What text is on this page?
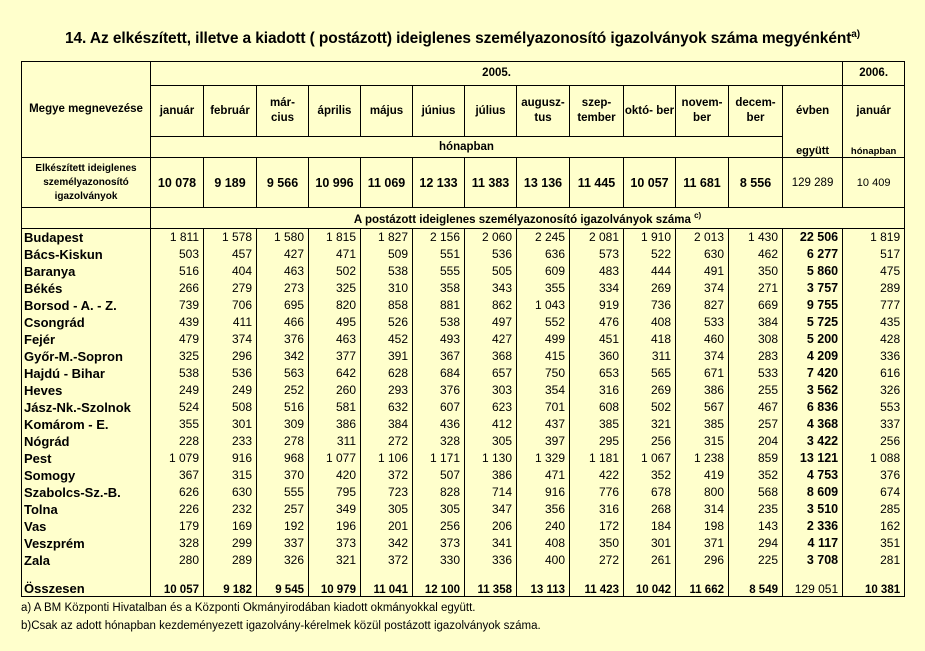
14. Az elkészített, illetve a kiadott ( postázott) ideiglenes személyazonosító igazolványok száma megyénként$^{a)}$
Megye megnevezése	2005.													2006.
	január	február	már- cius	április	május	június	július	augusz- tus	szep- tember	októ- ber	novem- ber	decem- ber	évben	január
	hónapban												együtt	hónapban
Elkészített ideiglenes személyazonosító igazolványok	10 078	9 189	9 566	10 996	11 069	12 133	11 383	13 136	11 445	10 057	11 681	8 556	129 289	10 409
	A postázott ideiglenes személyazonosító igazolványok száma $^{c)}$
Budapest	1 811	1 578	1 580	1 815	1 827	2 156	2 060	2 245	2 081	1 910	2 013	1 430	22 506	1 819
Bács-Kiskun	503	457	427	471	509	551	536	636	573	522	630	462	6 277	517
Baranya	516	404	463	502	538	555	505	609	483	444	491	350	5 860	475
Békés	266	279	273	325	310	358	343	355	334	269	374	271	3 757	289
Borsod - A. - Z.	739	706	695	820	858	881	862	1 043	919	736	827	669	9 755	777
Csongrád	439	411	466	495	526	538	497	552	476	408	533	384	5 725	435
Fejér	479	374	376	463	452	493	427	499	451	418	460	308	5 200	428
Győr-M.-Sopron	325	296	342	377	391	367	368	415	360	311	374	283	4 209	336
Hajdú - Bihar	538	536	563	642	628	684	657	750	653	565	671	533	7 420	616
Heves	249	249	252	260	293	376	303	354	316	269	386	255	3 562	326
Jász-Nk.-Szolnok	524	508	516	581	632	607	623	701	608	502	567	467	6 836	553
Komárom - E.	355	301	309	386	384	436	412	437	385	321	385	257	4 368	337
Nógrád	228	233	278	311	272	328	305	397	295	256	315	204	3 422	256
Pest	1 079	916	968	1 077	1 106	1 171	1 130	1 329	1 181	1 067	1 238	859	13 121	1 088
Somogy	367	315	370	420	372	507	386	471	422	352	419	352	4 753	376
Szabolcs-Sz.-B.	626	630	555	795	723	828	714	916	776	678	800	568	8 609	674
Tolna	226	232	257	349	305	305	347	356	316	268	314	235	3 510	285
Vas	179	169	192	196	201	256	206	240	172	184	198	143	2 336	162
Veszprém	328	299	337	373	342	373	341	408	350	301	371	294	4 117	351
Zala	280	289	326	321	372	330	336	400	272	261	296	225	3 708	281
Összesen	10 057	9 182	9 545	10 979	11 041	12 100	11 358	13 113	11 423	10 042	11 662	8 549	129 051	10 381
a) A BM Központi Hivatalban és a Központi Okmányirodában kiadott okmányokkal együtt.
b)Csak az adott hónapban kezdeményezett igazolvány-kérelmek közül postázott igazolványok száma.
